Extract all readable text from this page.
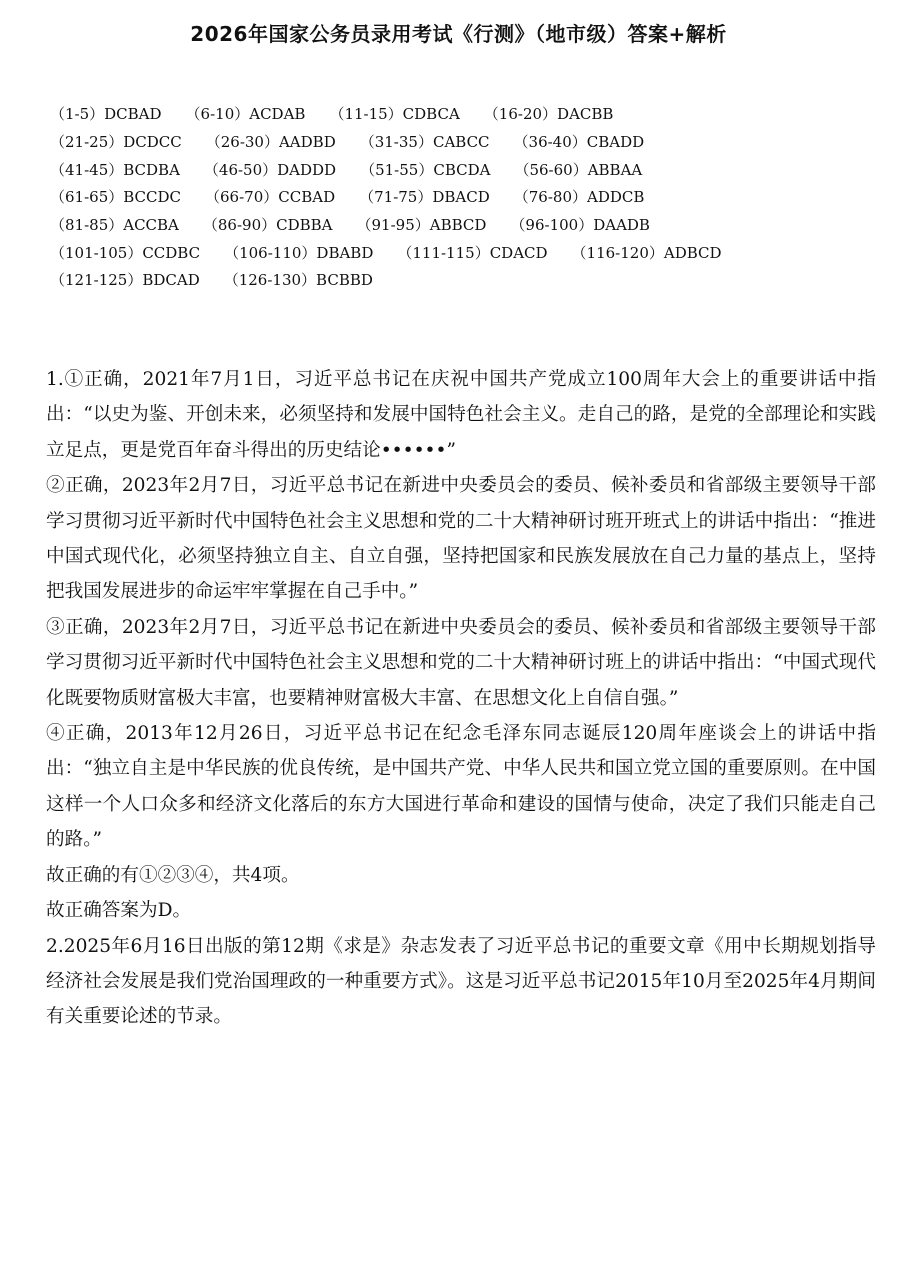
2026年国家公务员录用考试《行测》（地市级）答案+解析
（1-5）DCBAD （6-10）ACDAB （11-15）CDBCA （16-20）DACBB
（21-25）DCDCC （26-30）AADBD （31-35）CABCC （36-40）CBADD
（41-45）BCDBA （46-50）DADDD （51-55）CBCDA （56-60）ABBAA
（61-65）BCCDC （66-70）CCBAD （71-75）DBACD （76-80）ADDCB
（81-85）ACCBA （86-90）CDBBA （91-95）ABBCD （96-100）DAADB
（101-105）CCDBC （106-110）DBABD （111-115）CDACD （116-120）ADBCD
（121-125）BDCAD （126-130）BCBBD

1.①正确，2021年7月1日，习近平总书记在庆祝中国共产党成立100周年大会上的重要讲话中指出：“以史为鉴、开创未来，必须坚持和发展中国特色社会主义。走自己的路，是党的全部理论和实践立足点，更是党百年奋斗得出的历史结论••••••”

②正确，2023年2月7日，习近平总书记在新进中央委员会的委员、候补委员和省部级主要领导干部学习贯彻习近平新时代中国特色社会主义思想和党的二十大精神研讨班开班式上的讲话中指出：“推进中国式现代化，必须坚持独立自主、自立自强，坚持把国家和民族发展放在自己力量的基点上，坚持把我国发展进步的命运牢牢掌握在自己手中。”

③正确，2023年2月7日，习近平总书记在新进中央委员会的委员、候补委员和省部级主要领导干部学习贯彻习近平新时代中国特色社会主义思想和党的二十大精神研讨班上的讲话中指出：“中国式现代化既要物质财富极大丰富，也要精神财富极大丰富、在思想文化上自信自强。”

④正确，2013年12月26日，习近平总书记在纪念毛泽东同志诞辰120周年座谈会上的讲话中指出：“独立自主是中华民族的优良传统，是中国共产党、中华人民共和国立党立国的重要原则。在中国这样一个人口众多和经济文化落后的东方大国进行革命和建设的国情与使命，决定了我们只能走自己的路。”

故正确的有①②③④，共4项。

故正确答案为D。

2.2025年6月16日出版的第12期《求是》杂志发表了习近平总书记的重要文章《用中长期规划指导经济社会发展是我们党治国理政的一种重要方式》。这是习近平总书记2015年10月至2025年4月期间有关重要论述的节录。
